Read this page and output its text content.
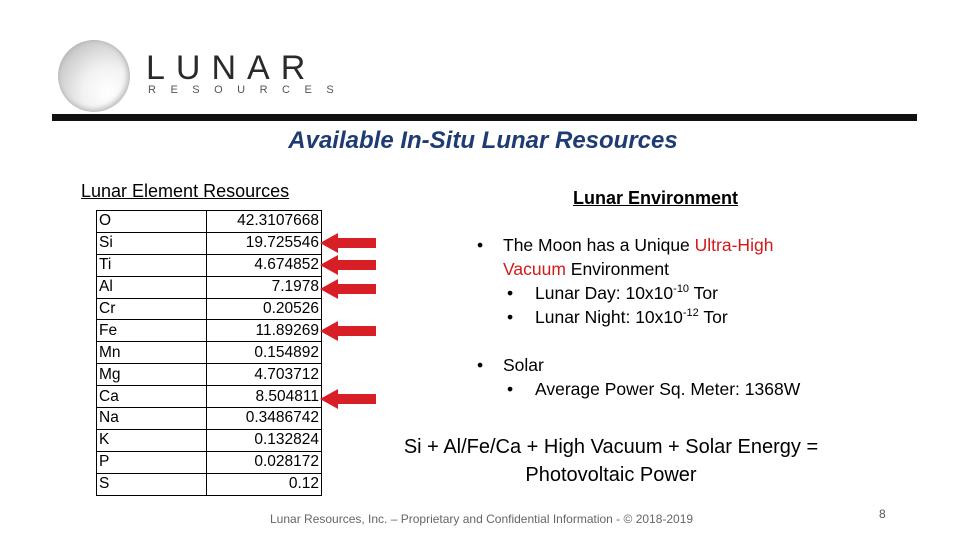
LUNAR
RESOURCES
Available In-Situ Lunar Resources
Lunar Element Resources
O	42.3107668
Si	19.725546
Ti	4.674852
Al	7.1978
Cr	0.20526
Fe	11.89269
Mn	0.154892
Mg	4.703712
Ca	8.504811
Na	0.3486742
K	0.132824
P	0.028172
S	0.12
Lunar Environment
• The Moon has a Unique Ultra-High
Vacuum Environment
• Lunar Day: $10x10^{-10}$ Tor
• Lunar Night: $10x10^{-12}$ Tor
• Solar
• Average Power Sq. Meter: 1368W
Si + Al/Fe/Ca + High Vacuum + Solar Energy =
Photovoltaic Power
Lunar Resources, Inc. – Proprietary and Confidential Information - © 2018-2019	8
